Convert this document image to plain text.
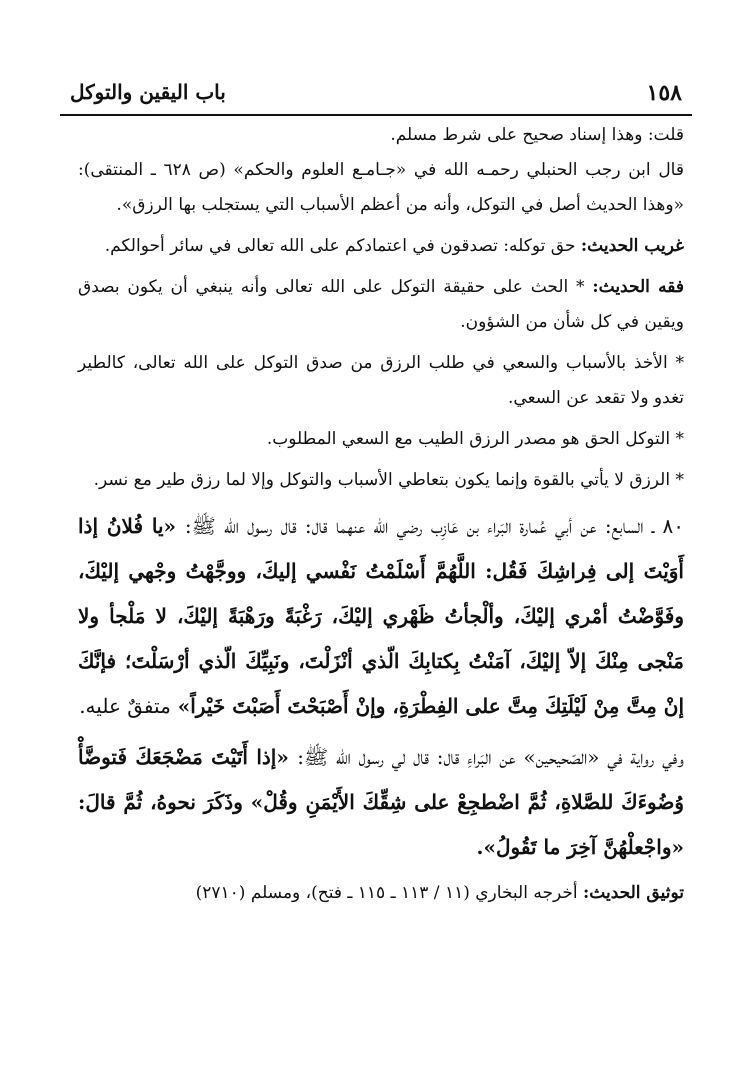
١٥٨
باب اليقين والتوكل

قلت: وهذا إسناد صحيح على شرط مسلم.

قال ابن رجب الحنبلي رحمـه الله في «جـامـع العلوم والحكم» (ص ٦٢٨ ـ المنتقى): «وهذا الحديث أصل في التوكل، وأنه من أعظم الأسباب التي يستجلب بها الرزق».

غريب الحديث: حق توكله: تصدقون في اعتمادكم على الله تعالى في سائر أحوالكم.

فقه الحديث: * الحث على حقيقة التوكل على الله تعالى وأنه ينبغي أن يكون بصدق ويقين في كل شأن من الشؤون.

* الأخذ بالأسباب والسعي في طلب الرزق من صدق التوكل على الله تعالى، كالطير تغدو ولا تقعد عن السعي.

* التوكل الحق هو مصدر الرزق الطيب مع السعي المطلوب.

* الرزق لا يأتي بالقوة وإنما يكون بتعاطي الأسباب والتوكل وإلا لما رزق طير مع نسر.

٨٠ ـ السابع: عن أبي عُمارة البَراء بن عَازِب رضي الله عنهما قال: قال رسول الله ﷺ: «يا فُلانُ إذا أَوَيْتَ إلى فِراشِكَ فَقُل: اللَّهُمَّ أَسْلَمْتُ نَفْسي إليكَ، ووجَّهْتُ وجْهي إليْكَ، وفَوَّضْتُ أمْري إليْكَ، وألْجأتُ ظَهْري إليْكَ، رَغْبَةً ورَهْبَةً إليْكَ، لا مَلْجأ ولا مَنْجى مِنْكَ إلاّ إليْكَ، آمَنْتُ بِكتابِكَ الّذي أنْزَلْتَ، ونَبِيِّكَ الّذي أرْسَلْتَ؛ فإنَّكَ إنْ مِتَّ مِنْ لَيْلَتِكَ مِتَّ على الفِطْرَةِ، وإنْ أَصْبَحْتَ أَصَبْتَ خَيْراً» متفقٌ عليه.

وفي رواية في «الصّحيحين» عن البَراءِ قال: قال لي رسول الله ﷺ: «إذا أَتَيْتَ مَضْجَعَكَ فَتوضَّأْ وُضُوءَكَ للصَّلاةِ، ثُمَّ اضْطجِعْ على شِقِّكَ الأَيْمَنِ وقُلْ» وذَكَرَ نحوهُ، ثُمَّ قالَ: «واجْعلْهُنَّ آخِرَ ما تَقُولُ».

توثيق الحديث: أخرجه البخاري (١١ / ١١٣ ـ ١١٥ ـ فتح)، ومسلم (٢٧١٠)
